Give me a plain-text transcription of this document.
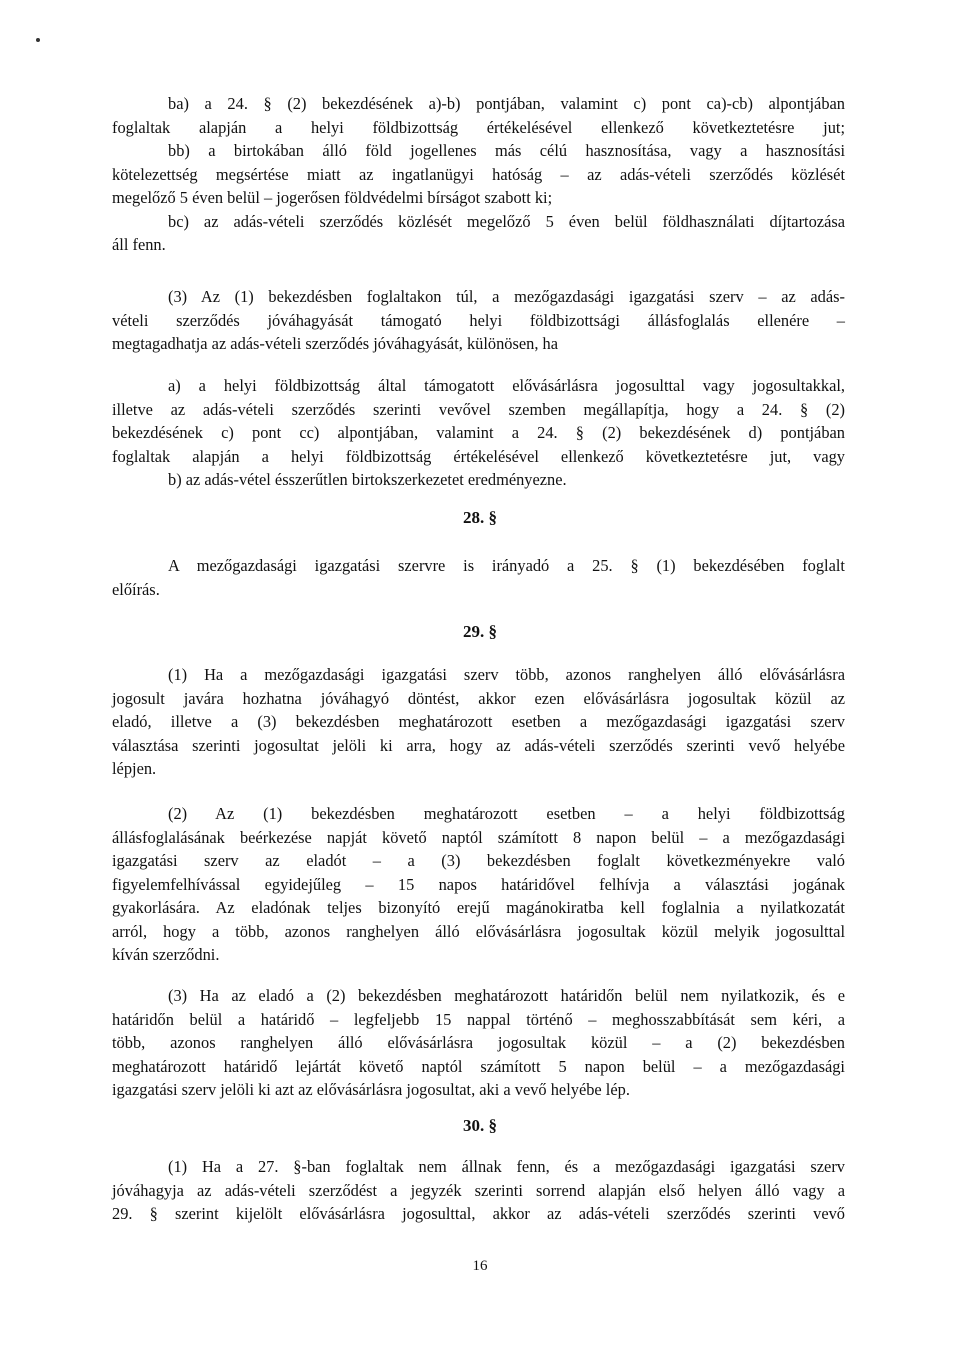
ba) a 24. § (2) bekezdésének a)-b) pontjában, valamint c) pont ca)-cb) alpontjában
foglaltak alapján a helyi földbizottság értékelésével ellenkező következtetésre jut;
bb) a birtokában álló föld jogellenes más célú hasznosítása, vagy a hasznosítási
kötelezettség megsértése miatt az ingatlanügyi hatóság – az adás-vételi szerződés közlését
megelőző 5 éven belül – jogerősen földvédelmi bírságot szabott ki;
bc) az adás-vételi szerződés közlését megelőző 5 éven belül földhasználati díjtartozása
áll fenn.
(3) Az (1) bekezdésben foglaltakon túl, a mezőgazdasági igazgatási szerv – az adás-
vételi szerződés jóváhagyását támogató helyi földbizottsági állásfoglalás ellenére –
megtagadhatja az adás-vételi szerződés jóváhagyását, különösen, ha
a) a helyi földbizottság által támogatott elővásárlásra jogosulttal vagy jogosultakkal,
illetve az adás-vételi szerződés szerinti vevővel szemben megállapítja, hogy a 24. § (2)
bekezdésének c) pont cc) alpontjában, valamint a 24. § (2) bekezdésének d) pontjában
foglaltak alapján a helyi földbizottság értékelésével ellenkező következtetésre jut, vagy
b) az adás-vétel ésszerűtlen birtokszerkezetet eredményezne.
28. §
A mezőgazdasági igazgatási szervre is irányadó a 25. § (1) bekezdésében foglalt
előírás.
29. §
(1) Ha a mezőgazdasági igazgatási szerv több, azonos ranghelyen álló elővásárlásra
jogosult javára hozhatna jóváhagyó döntést, akkor ezen elővásárlásra jogosultak közül az
eladó, illetve a (3) bekezdésben meghatározott esetben a mezőgazdasági igazgatási szerv
választása szerinti jogosultat jelöli ki arra, hogy az adás-vételi szerződés szerinti vevő helyébe
lépjen.
(2) Az (1) bekezdésben meghatározott esetben – a helyi földbizottság
állásfoglalásának beérkezése napját követő naptól számított 8 napon belül – a mezőgazdasági
igazgatási szerv az eladót – a (3) bekezdésben foglalt következményekre való
figyelemfelhívással egyidejűleg – 15 napos határidővel felhívja a választási jogának
gyakorlására. Az eladónak teljes bizonyító erejű magánokiratba kell foglalnia a nyilatkozatát
arról, hogy a több, azonos ranghelyen álló elővásárlásra jogosultak közül melyik jogosulttal
kíván szerződni.
(3) Ha az eladó a (2) bekezdésben meghatározott határidőn belül nem nyilatkozik, és e
határidőn belül a határidő – legfeljebb 15 nappal történő – meghosszabbítását sem kéri, a
több, azonos ranghelyen álló elővásárlásra jogosultak közül – a (2) bekezdésben
meghatározott határidő lejártát követő naptól számított 5 napon belül – a mezőgazdasági
igazgatási szerv jelöli ki azt az elővásárlásra jogosultat, aki a vevő helyébe lép.
30. §
(1) Ha a 27. §-ban foglaltak nem állnak fenn, és a mezőgazdasági igazgatási szerv
jóváhagyja az adás-vételi szerződést a jegyzék szerinti sorrend alapján első helyen álló vagy a
29. § szerint kijelölt elővásárlásra jogosulttal, akkor az adás-vételi szerződés szerinti vevő
16
